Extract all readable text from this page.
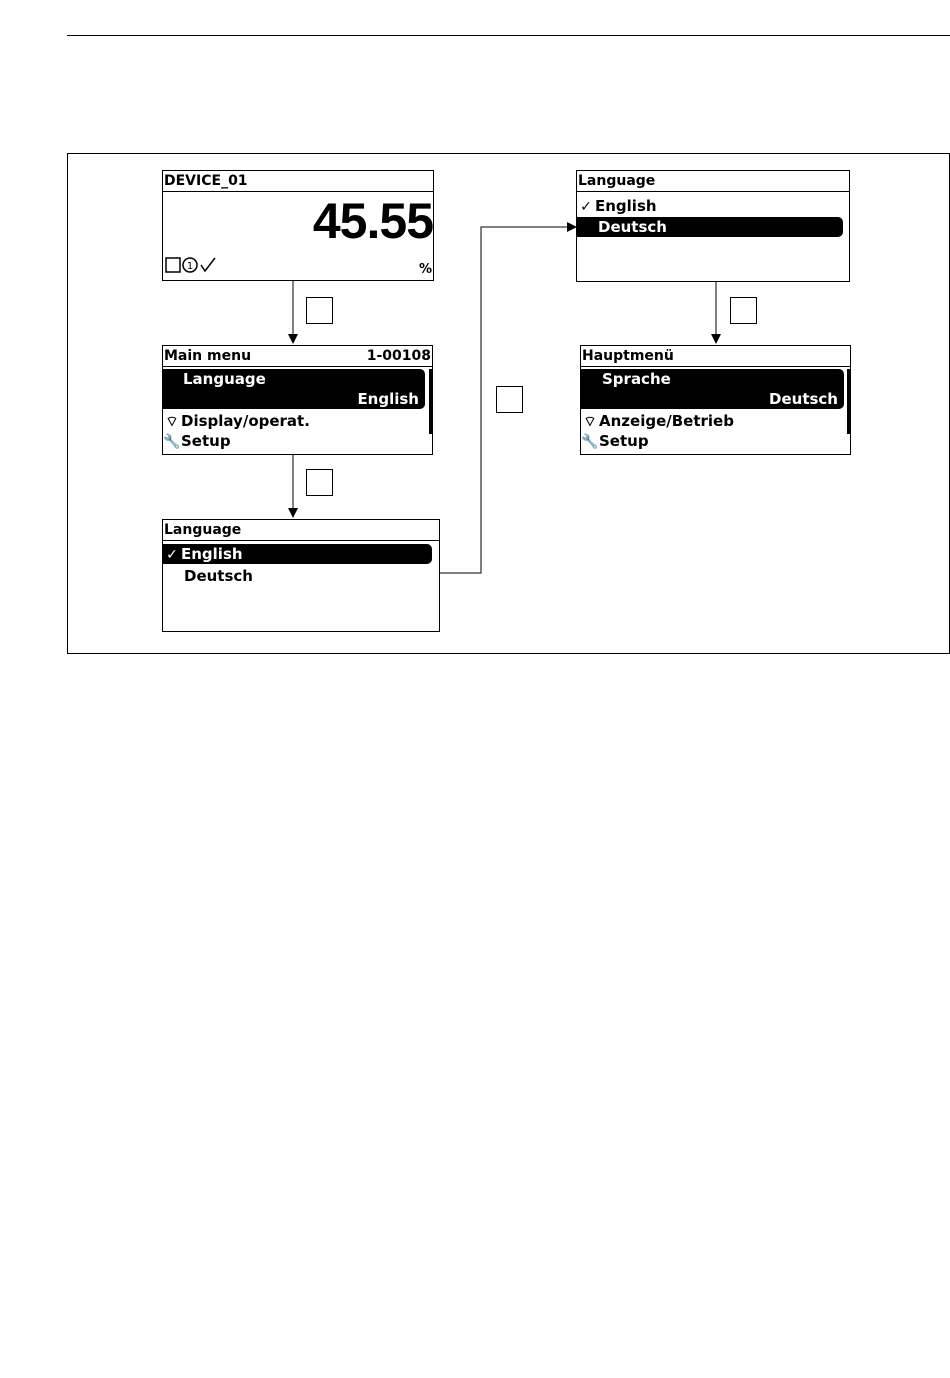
DEVICE_01
45.55
1	%
Main menu	1-00108
Language
English
⌔ Display/operat.
🔧Setup
Language
✓ English
Deutsch
Language
✓ English
Deutsch
Hauptmenü
Sprache
Deutsch
⌔ Anzeige/Betrieb
🔧Setup
